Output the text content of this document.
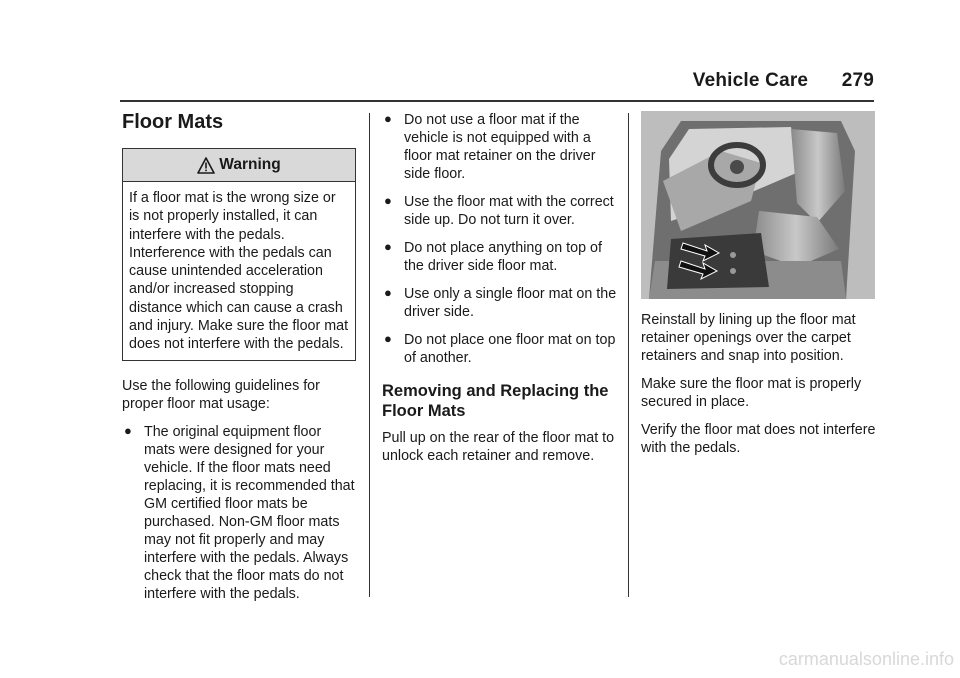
Vehicle Care 279
Floor Mats
Warning
If a floor mat is the wrong size or is not properly installed, it can interfere with the pedals. Interference with the pedals can cause unintended acceleration and/or increased stopping distance which can cause a crash and injury. Make sure the floor mat does not interfere with the pedals.

Use the following guidelines for proper floor mat usage:

● The original equipment floor mats were designed for your vehicle. If the floor mats need replacing, it is recommended that GM certified floor mats be purchased. Non-GM floor mats may not fit properly and may interfere with the pedals. Always check that the floor mats do not interfere with the pedals.
● Do not use a floor mat if the vehicle is not equipped with a floor mat retainer on the driver side floor.
● Use the floor mat with the correct side up. Do not turn it over.
● Do not place anything on top of the driver side floor mat.
● Use only a single floor mat on the driver side.
● Do not place one floor mat on top of another.
Removing and Replacing the Floor Mats

Pull up on the rear of the floor mat to unlock each retainer and remove.

Reinstall by lining up the floor mat retainer openings over the carpet retainers and snap into position.

Make sure the floor mat is properly secured in place.

Verify the floor mat does not interfere with the pedals.

carmanualsonline.info
